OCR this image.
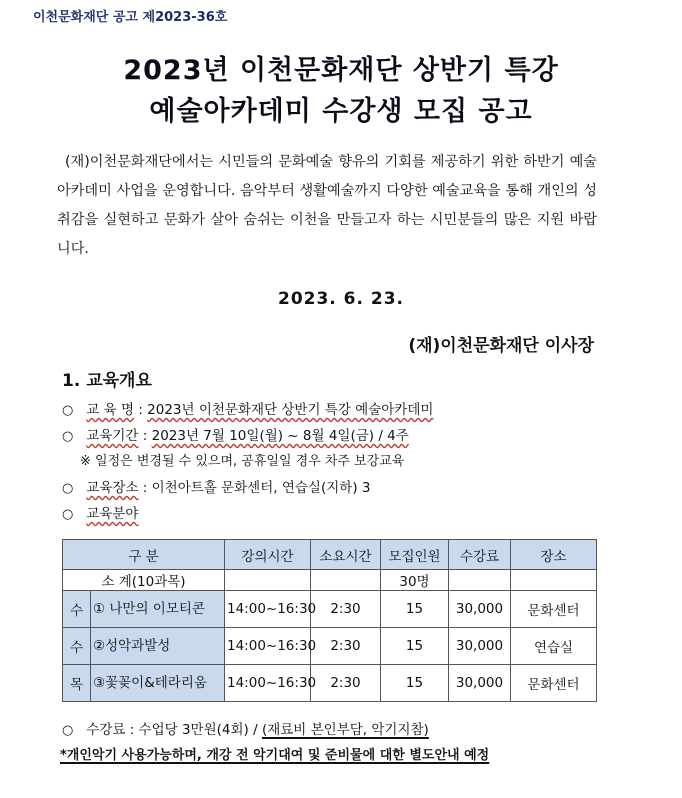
이천문화재단 공고 제2023-36호
2023년 이천문화재단 상반기 특강
예술아카데미 수강생 모집 공고

(재)이천문화재단에서는 시민들의 문화예술 향유의 기회를 제공하기 위한 하반기 예술아카데미 사업을 운영합니다. 음악부터 생활예술까지 다양한 예술교육을 통해 개인의 성취감을 실현하고 문화가 살아 숨쉬는 이천을 만들고자 하는 시민분들의 많은 지원 바랍니다.

2023. 6. 23.
(재)이천문화재단 이사장
1. 교육개요
○ 교 육 명 : 2023년 이천문화재단 상반기 특강 예술아카데미
○ 교육기간 : 2023년 7월 10일(월) ~ 8월 4일(금) / 4주
※ 일정은 변경될 수 있으며, 공휴일일 경우 차주 보강교육
○ 교육장소 : 이천아트홀 문화센터, 연습실(지하) 3
○ 교육분야
구 분		강의시간	소요시간	모집인원	수강료	장소
소 계(10과목)				30명		
수	① 나만의 이모티콘	14:00~16:30	2:30	15	30,000	문화센터
수	②성악과발성	14:00~16:30	2:30	15	30,000	연습실
목	③꽃꽂이&테라리움	14:00~16:30	2:30	15	30,000	문화센터
○ 수강료 : 수업당 3만원(4회) / (재료비 본인부담, 악기지참)
*개인악기 사용가능하며, 개강 전 악기대여 및 준비물에 대한 별도안내 예정
